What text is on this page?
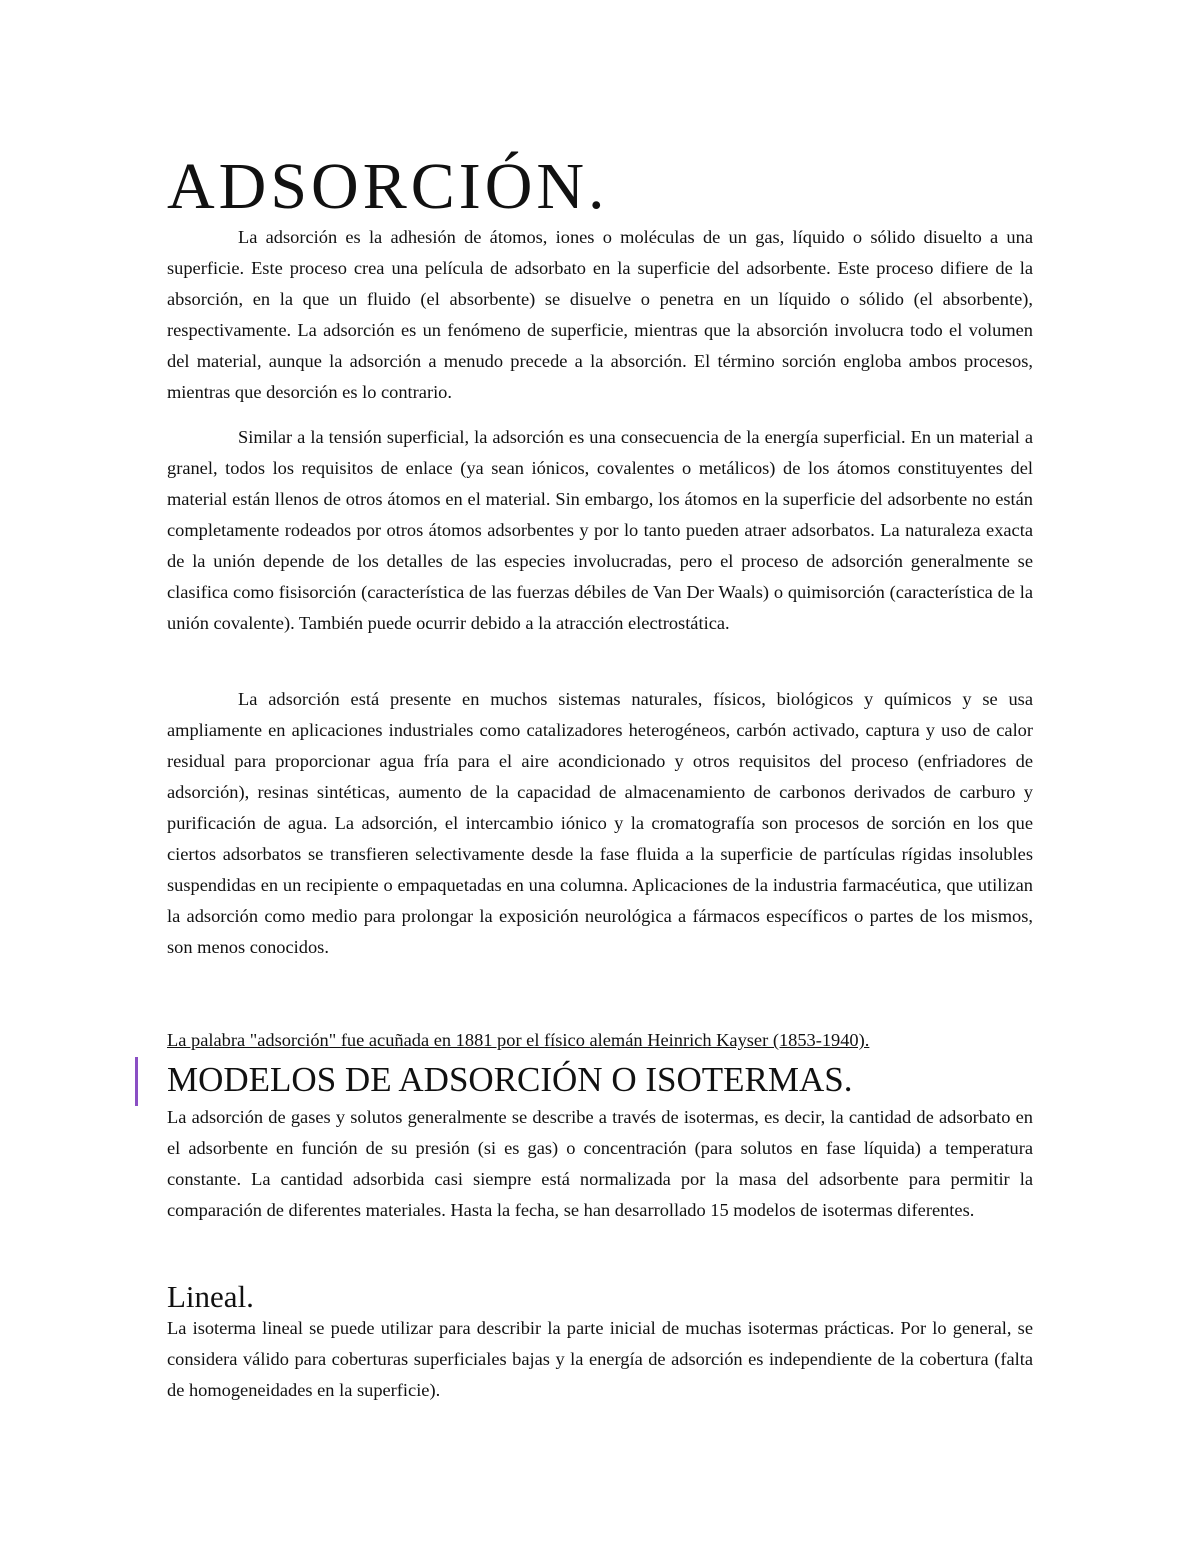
ADSORCIÓN.

La adsorción es la adhesión de átomos, iones o moléculas de un gas, líquido o sólido disuelto a una superficie. Este proceso crea una película de adsorbato en la superficie del adsorbente. Este proceso difiere de la absorción, en la que un fluido (el absorbente) se disuelve o penetra en un líquido o sólido (el absorbente), respectivamente. La adsorción es un fenómeno de superficie, mientras que la absorción involucra todo el volumen del material, aunque la adsorción a menudo precede a la absorción. El término sorción engloba ambos procesos, mientras que desorción es lo contrario.

Similar a la tensión superficial, la adsorción es una consecuencia de la energía superficial. En un material a granel, todos los requisitos de enlace (ya sean iónicos, covalentes o metálicos) de los átomos constituyentes del material están llenos de otros átomos en el material. Sin embargo, los átomos en la superficie del adsorbente no están completamente rodeados por otros átomos adsorbentes y por lo tanto pueden atraer adsorbatos. La naturaleza exacta de la unión depende de los detalles de las especies involucradas, pero el proceso de adsorción generalmente se clasifica como fisisorción (característica de las fuerzas débiles de Van Der Waals) o quimisorción (característica de la unión covalente). También puede ocurrir debido a la atracción electrostática.

La adsorción está presente en muchos sistemas naturales, físicos, biológicos y químicos y se usa ampliamente en aplicaciones industriales como catalizadores heterogéneos, carbón activado, captura y uso de calor residual para proporcionar agua fría para el aire acondicionado y otros requisitos del proceso (enfriadores de adsorción), resinas sintéticas, aumento de la capacidad de almacenamiento de carbonos derivados de carburo y purificación de agua. La adsorción, el intercambio iónico y la cromatografía son procesos de sorción en los que ciertos adsorbatos se transfieren selectivamente desde la fase fluida a la superficie de partículas rígidas insolubles suspendidas en un recipiente o empaquetadas en una columna. Aplicaciones de la industria farmacéutica, que utilizan la adsorción como medio para prolongar la exposición neurológica a fármacos específicos o partes de los mismos, son menos conocidos.

La palabra "adsorción" fue acuñada en 1881 por el físico alemán Heinrich Kayser (1853-1940).

MODELOS DE ADSORCIÓN O ISOTERMAS.

La adsorción de gases y solutos generalmente se describe a través de isotermas, es decir, la cantidad de adsorbato en el adsorbente en función de su presión (si es gas) o concentración (para solutos en fase líquida) a temperatura constante. La cantidad adsorbida casi siempre está normalizada por la masa del adsorbente para permitir la comparación de diferentes materiales. Hasta la fecha, se han desarrollado 15 modelos de isotermas diferentes.

Lineal.

La isoterma lineal se puede utilizar para describir la parte inicial de muchas isotermas prácticas. Por lo general, se considera válido para coberturas superficiales bajas y la energía de adsorción es independiente de la cobertura (falta de homogeneidades en la superficie).
